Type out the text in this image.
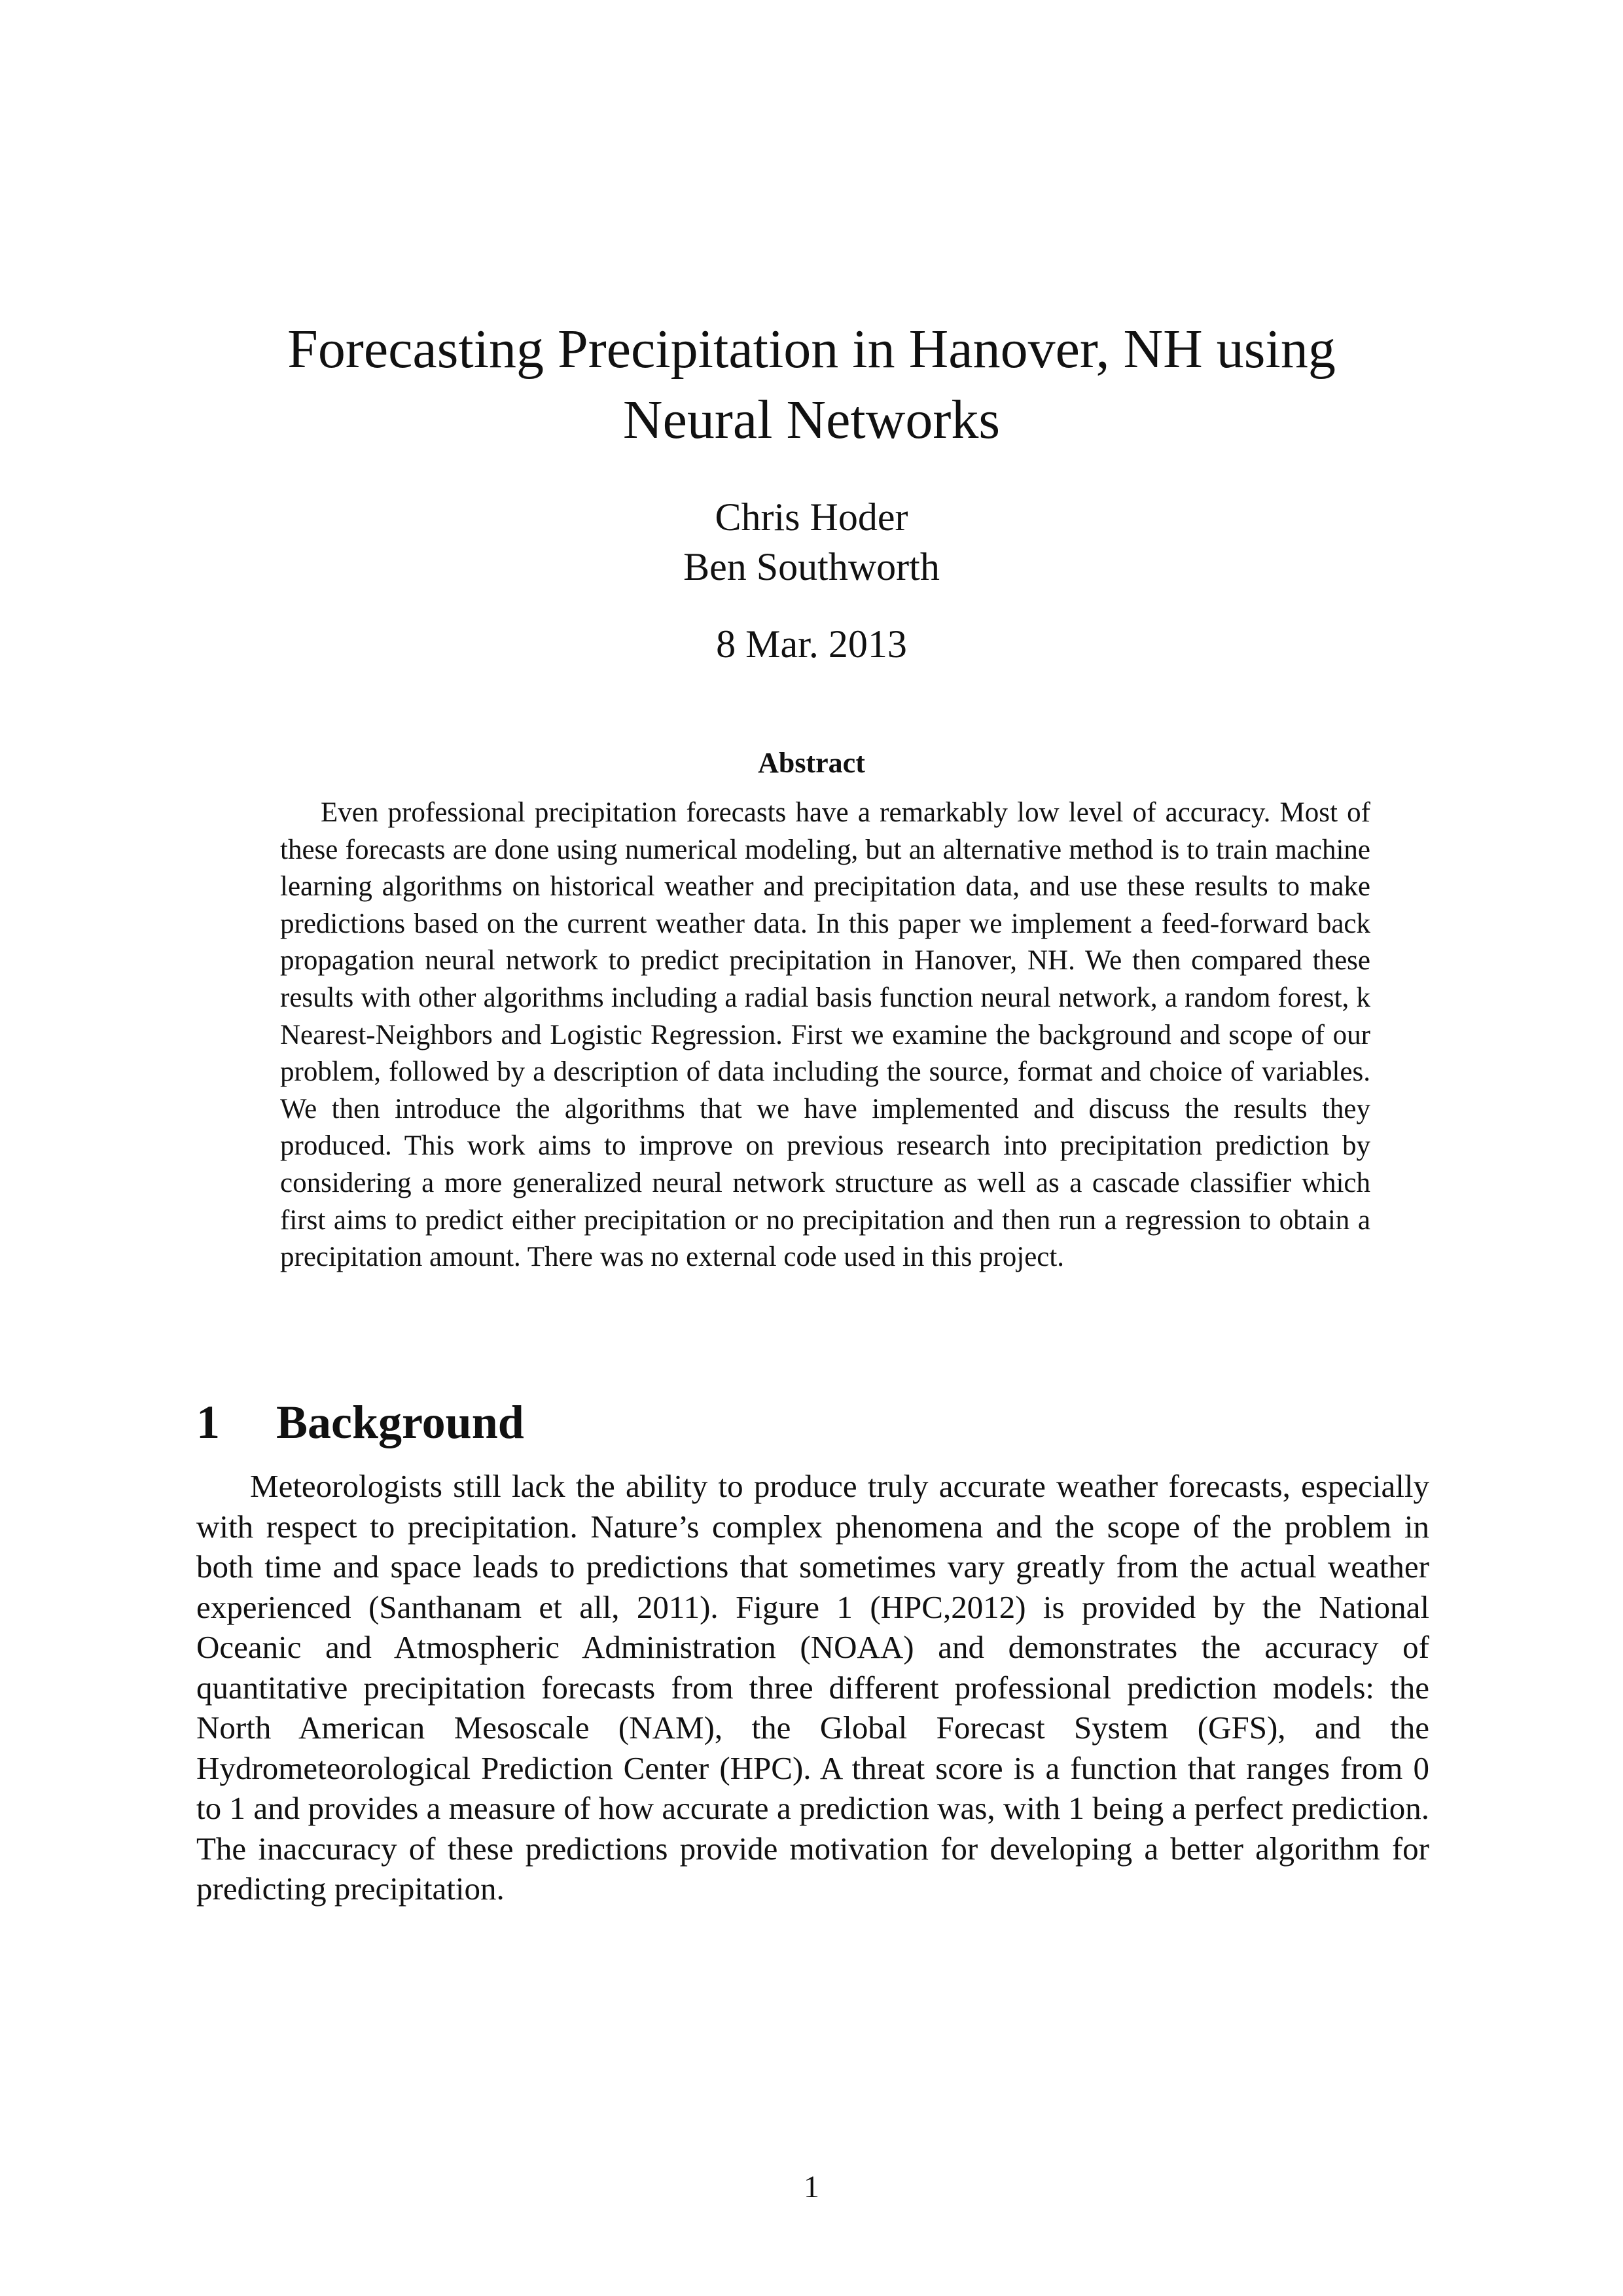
Forecasting Precipitation in Hanover, NH using
Neural Networks
Chris Hoder
Ben Southworth
8 Mar. 2013
Abstract

Even professional precipitation forecasts have a remarkably low level of accuracy. Most of these forecasts are done using numerical modeling, but an alternative method is to train machine learning algorithms on historical weather and precipitation data, and use these results to make predictions based on the current weather data. In this paper we implement a feed-forward back propagation neural network to predict precipitation in Hanover, NH. We then compared these results with other algorithms including a radial basis function neural network, a random forest, k Nearest-Neighbors and Logistic Regression. First we examine the background and scope of our problem, followed by a description of data including the source, format and choice of variables. We then introduce the algorithms that we have implemented and discuss the results they produced. This work aims to improve on previous research into precipitation prediction by considering a more generalized neural network structure as well as a cascade classifier which first aims to predict either precipitation or no precipitation and then run a regression to obtain a precipitation amount. There was no external code used in this project.

1 Background

Meteorologists still lack the ability to produce truly accurate weather forecasts, especially with respect to precipitation. Nature’s complex phenomena and the scope of the problem in both time and space leads to predictions that sometimes vary greatly from the actual weather experienced (Santhanam et all, 2011). Figure 1 (HPC,2012) is provided by the National Oceanic and Atmospheric Administration (NOAA) and demonstrates the accuracy of quantitative precipitation forecasts from three different professional prediction models: the North American Mesoscale (NAM), the Global Forecast System (GFS), and the Hydrometeorological Prediction Center (HPC). A threat score is a function that ranges from 0 to 1 and provides a measure of how accurate a prediction was, with 1 being a perfect prediction. The inaccuracy of these predictions provide motivation for developing a better algorithm for predicting precipitation.

1
